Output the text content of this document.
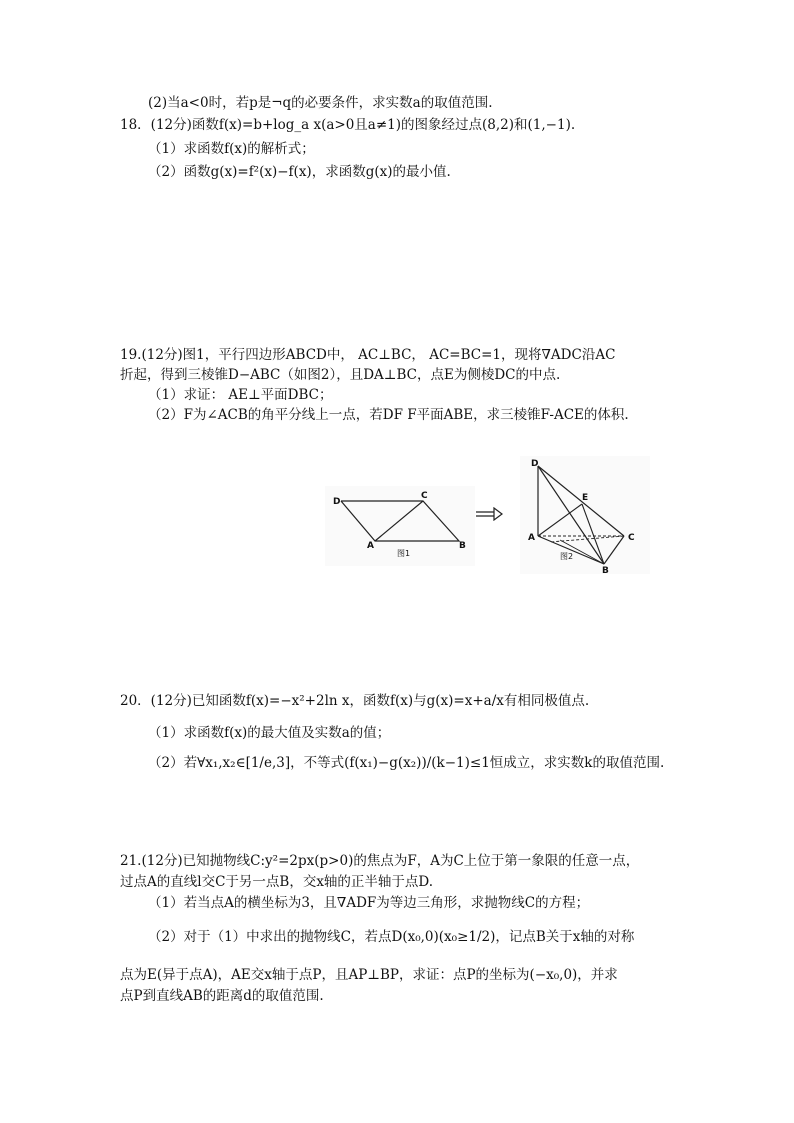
(2)当a<0时，若p是¬q的必要条件，求实数a的取值范围.
18．(12分)函数f(x)=b+log_a x(a>0且a≠1)的图象经过点(8,2)和(1,−1).
（1）求函数f(x)的解析式；
（2）函数g(x)=f²(x)−f(x)，求函数g(x)的最小值.
19.(12分)图1，平行四边形ABCD中， AC⊥BC， AC=BC=1，现将∇ADC沿AC
折起，得到三棱锥D−ABC（如图2），且DA⊥BC，点E为侧棱DC的中点.
（1）求证： AE⊥平面DBC；
（2）F为∠ACB的角平分线上一点，若DF F平面ABE，求三棱锥F-ACE的体积.
D
C
A	B
图1
D
E
A	C
B
图2
20．(12分)已知函数f(x)=−x²+2ln x，函数f(x)与g(x)=x+a/x有相同极值点.
（1）求函数f(x)的最大值及实数a的值；
（2）若∀x₁,x₂∈[1/e,3]，不等式(f(x₁)−g(x₂))/(k−1)≤1恒成立，求实数k的取值范围.
21.(12分)已知抛物线C:y²=2px(p>0)的焦点为F，A为C上位于第一象限的任意一点，
过点A的直线l交C于另一点B，交x轴的正半轴于点D.
（1）若当点A的横坐标为3，且∇ADF为等边三角形，求抛物线C的方程；
（2）对于（1）中求出的抛物线C，若点D(x₀,0)(x₀≥1/2)，记点B关于x轴的对称
点为E(异于点A)，AE交x轴于点P，且AP⊥BP，求证：点P的坐标为(−x₀,0)，并求
点P到直线AB的距离d的取值范围.
